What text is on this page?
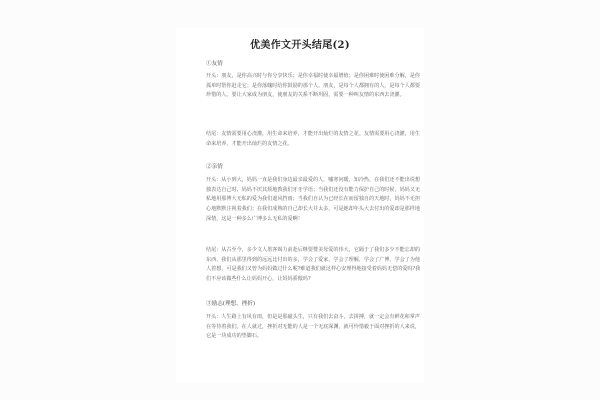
优美作文开头结尾(2)
①友情
开头：朋友，是你高兴时与你分享快乐；是你幸福时使幸福增值；是你困难时使困难分解，是你孤单时帮你赶走它；是你落魄时给你鼓励的那个人。朋友，是每个人都拥有的人，是每个人都要珍惜的人。要让大家成为朋友，使朋友的关系不断巩固，需要一种叫友情的东西去浇灌。
结尾：友情需要用心浇灌，用生命来培养，才能开出灿烂的友情之花。友情需要用心浇灌，用生命来培养，才能开出灿烂的友情之花。
②亲情
开头：从小到大，妈妈一直是我们身边最亲最爱的人，嘘寒问暖，知冷热，在我们还不能出说想独表达自己时，妈妈不厌其烦地教我们牙牙学语；当我们还没有能力保护自己的时候，妈妈又无私地用那博大无私的爱为我们遮风挡雨；当我们自认为已经长在而留独自的天地时，妈妈不无担心地默默注视着我们；在我们成熟的自己却长大并太多，可是她却年头大去付出的爱却是那样地深情，这是一种多么广博多么无私的爱啊！
结尾：从古至今，多少文人墨客竭力前赴后继要赞美母爱的伟大，它隔于了我们多少不能忘却的东西，我们从那里得到的远远比付出的多，学会了爱家，学会了理解，学会了广博，学会了为他人着想，可是我们又曾为妈妈做过什么呢?难道我们就这样心安理得地接受着妈妈无偿的爱吗?我们不应该做些什么让妈妈开心，让妈妈骄傲吗?
③励志(理想、挫折)
开头：人生路上有风有雨，但是是那磁头生，只有我们去奋斗，去拼搏，就一定会有鲜花和掌声在等待着我们。在人就过，挫折对无能的人是一个无底深渊，就可怜惜毅于面对挫折的人来说，它是一块成功的垫脚石。
